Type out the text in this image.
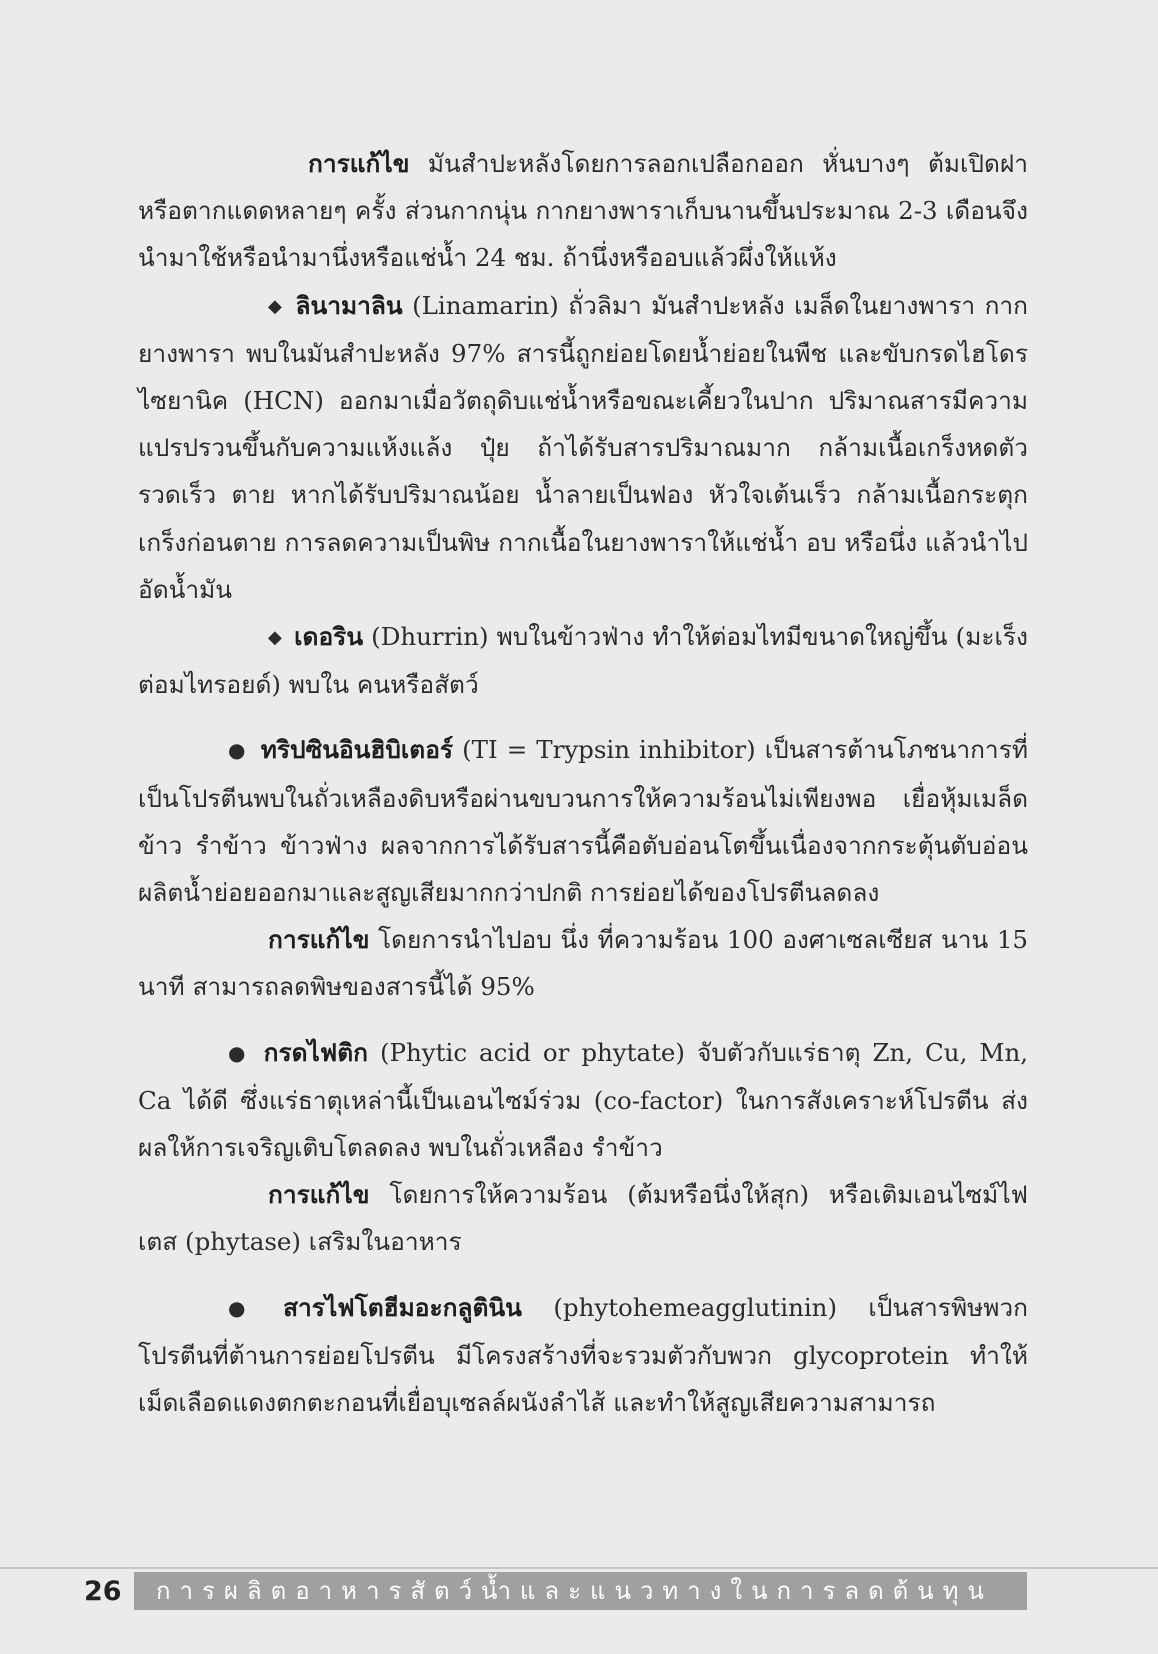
การแก้ไข มันสำปะหลังโดยการลอกเปลือกออก หั่นบางๆ ต้มเปิดฝาหรือตากแดดหลายๆ ครั้ง ส่วนกากนุ่น กากยางพาราเก็บนานขึ้นประมาณ 2-3 เดือนจึงนำมาใช้หรือนำมานึ่งหรือแช่น้ำ 24 ชม. ถ้านึ่งหรืออบแล้วผึ่งให้แห้ง

◆ ลินามาลิน (Linamarin) ถั่วลิมา มันสำปะหลัง เมล็ดในยางพารา กากยางพารา พบในมันสำปะหลัง 97% สารนี้ถูกย่อยโดยน้ำย่อยในพืช และขับกรดไฮโดรไซยานิค (HCN) ออกมาเมื่อวัตถุดิบแช่น้ำหรือขณะเคี้ยวในปาก ปริมาณสารมีความแปรปรวนขึ้นกับความแห้งแล้ง ปุ๋ย ถ้าได้รับสารปริมาณมาก กล้ามเนื้อเกร็งหดตัวรวดเร็ว ตาย หากได้รับปริมาณน้อย น้ำลายเป็นฟอง หัวใจเต้นเร็ว กล้ามเนื้อกระตุก เกร็งก่อนตาย การลดความเป็นพิษ กากเนื้อในยางพาราให้แช่น้ำ อบ หรือนึ่ง แล้วนำไปอัดน้ำมัน

◆ เดอริน (Dhurrin) พบในข้าวฟ่าง ทำให้ต่อมไทมีขนาดใหญ่ขึ้น (มะเร็งต่อมไทรอยด์) พบใน คนหรือสัตว์

● ทริปซินอินฮิบิเตอร์ (TI = Trypsin inhibitor) เป็นสารต้านโภชนาการที่เป็นโปรตีนพบในถั่วเหลืองดิบหรือผ่านขบวนการให้ความร้อนไม่เพียงพอ เยื่อหุ้มเมล็ดข้าว รำข้าว ข้าวฟ่าง ผลจากการได้รับสารนี้คือตับอ่อนโตขึ้นเนื่องจากกระตุ้นตับอ่อนผลิตน้ำย่อยออกมาและสูญเสียมากกว่าปกติ การย่อยได้ของโปรตีนลดลง

การแก้ไข โดยการนำไปอบ นึ่ง ที่ความร้อน 100 องศาเซลเซียส นาน 15 นาที สามารถลดพิษของสารนี้ได้ 95%

● กรดไฟติก (Phytic acid or phytate) จับตัวกับแร่ธาตุ Zn, Cu, Mn, Ca ได้ดี ซึ่งแร่ธาตุเหล่านี้เป็นเอนไซม์ร่วม (co-factor) ในการสังเคราะห์โปรตีน ส่งผลให้การเจริญเติบโตลดลง พบในถั่วเหลือง รำข้าว

การแก้ไข โดยการให้ความร้อน (ต้มหรือนึ่งให้สุก) หรือเติมเอนไซม์ไฟเตส (phytase) เสริมในอาหาร

● สารไฟโตฮีมอะกลูตินิน (phytohemeagglutinin) เป็นสารพิษพวกโปรตีนที่ต้านการย่อยโปรตีน มีโครงสร้างที่จะรวมตัวกับพวก glycoprotein ทำให้เม็ดเลือดแดงตกตะกอนที่เยื่อบุเซลล์ผนังลำไส้ และทำให้สูญเสียความสามารถ

26	การผลิตอาหารสัตว์น้ำและแนวทางในการลดต้นทุน
